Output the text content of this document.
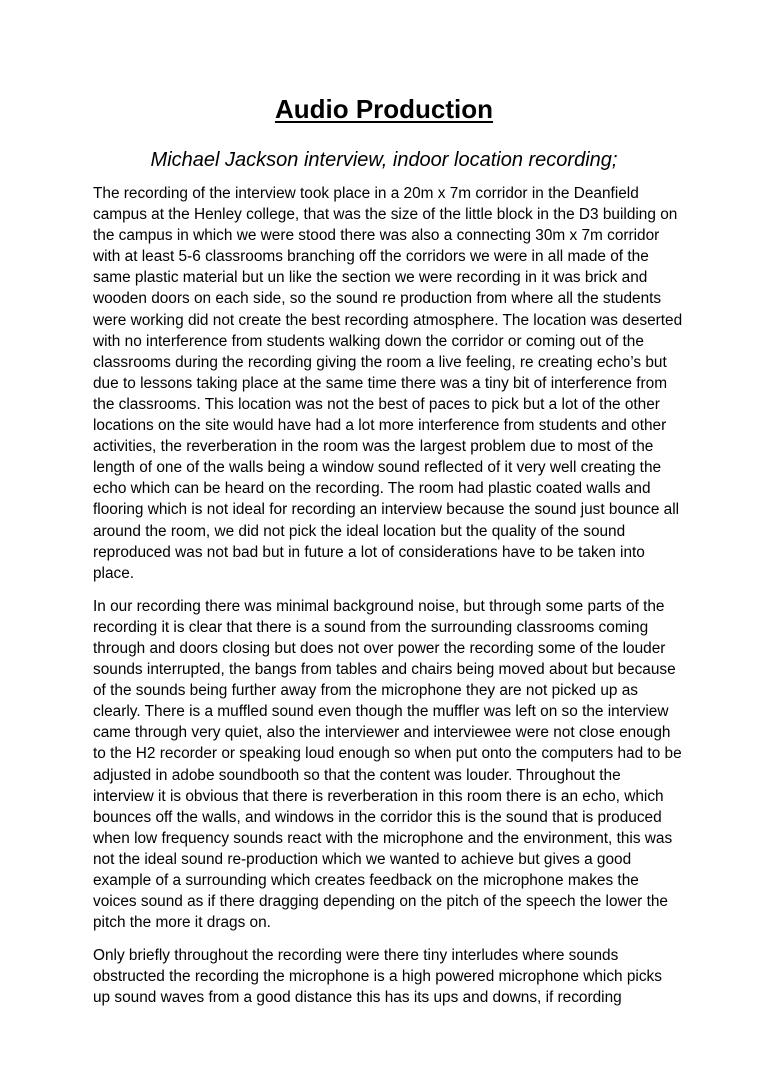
Audio Production
Michael Jackson interview, indoor location recording;

The recording of the interview took place in a 20m x 7m corridor in the Deanfield campus at the Henley college, that was the size of the little block in the D3 building on the campus in which we were stood there was also a connecting 30m x 7m corridor with at least 5-6 classrooms branching off the corridors we were in all made of the same plastic material but un like the section we were recording in it was brick and wooden doors on each side, so the sound re production from where all the students were working did not create the best recording atmosphere. The location was deserted with no interference from students walking down the corridor or coming out of the classrooms during the recording giving the room a live feeling, re creating echo’s but due to lessons taking place at the same time there was a tiny bit of interference from the classrooms. This location was not the best of paces to pick but a lot of the other locations on the site would have had a lot more interference from students and other activities, the reverberation in the room was the largest problem due to most of the length of one of the walls being a window sound reflected of it very well creating the echo which can be heard on the recording. The room had plastic coated walls and flooring which is not ideal for recording an interview because the sound just bounce all around the room, we did not pick the ideal location but the quality of the sound reproduced was not bad but in future a lot of considerations have to be taken into place.

In our recording there was minimal background noise, but through some parts of the recording it is clear that there is a sound from the surrounding classrooms coming through and doors closing but does not over power the recording some of the louder sounds interrupted, the bangs from tables and chairs being moved about but because of the sounds being further away from the microphone they are not picked up as clearly. There is a muffled sound even though the muffler was left on so the interview came through very quiet, also the interviewer and interviewee were not close enough to the H2 recorder or speaking loud enough so when put onto the computers had to be adjusted in adobe soundbooth so that the content was louder. Throughout the interview it is obvious that there is reverberation in this room there is an echo, which bounces off the walls, and windows in the corridor this is the sound that is produced when low frequency sounds react with the microphone and the environment, this was not the ideal sound re-production which we wanted to achieve but gives a good example of a surrounding which creates feedback on the microphone makes the voices sound as if there dragging depending on the pitch of the speech the lower the pitch the more it drags on.

Only briefly throughout the recording were there tiny interludes where sounds obstructed the recording the microphone is a high powered microphone which picks up sound waves from a good distance this has its ups and downs, if recording
